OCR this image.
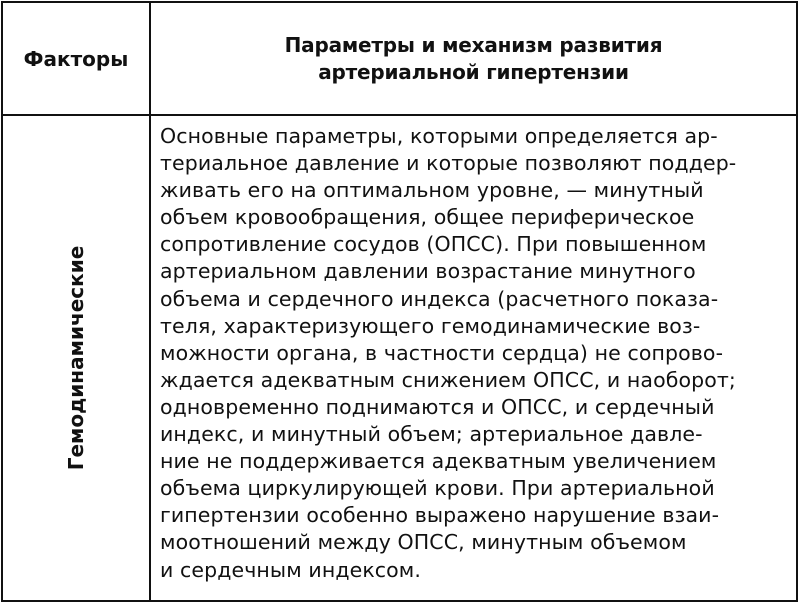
Факторы
Параметры и механизм развития
артериальной гипертензии
Гемодинамические
Основные параметры, которыми определяется ар-
териальное давление и которые позволяют поддер-
живать его на оптимальном уровне, — минутный
объем кровообращения, общее периферическое
сопротивление сосудов (ОПСС). При повышенном
артериальном давлении возрастание минутного
объема и сердечного индекса (расчетного показа-
теля, характеризующего гемодинамические воз-
можности органа, в частности сердца) не сопрово-
ждается адекватным снижением ОПСС, и наоборот;
одновременно поднимаются и ОПСС, и сердечный
индекс, и минутный объем; артериальное давле-
ние не поддерживается адекватным увеличением
объема циркулирующей крови. При артериальной
гипертензии особенно выражено нарушение взаи-
моотношений между ОПСС, минутным объемом
и сердечным индексом.
